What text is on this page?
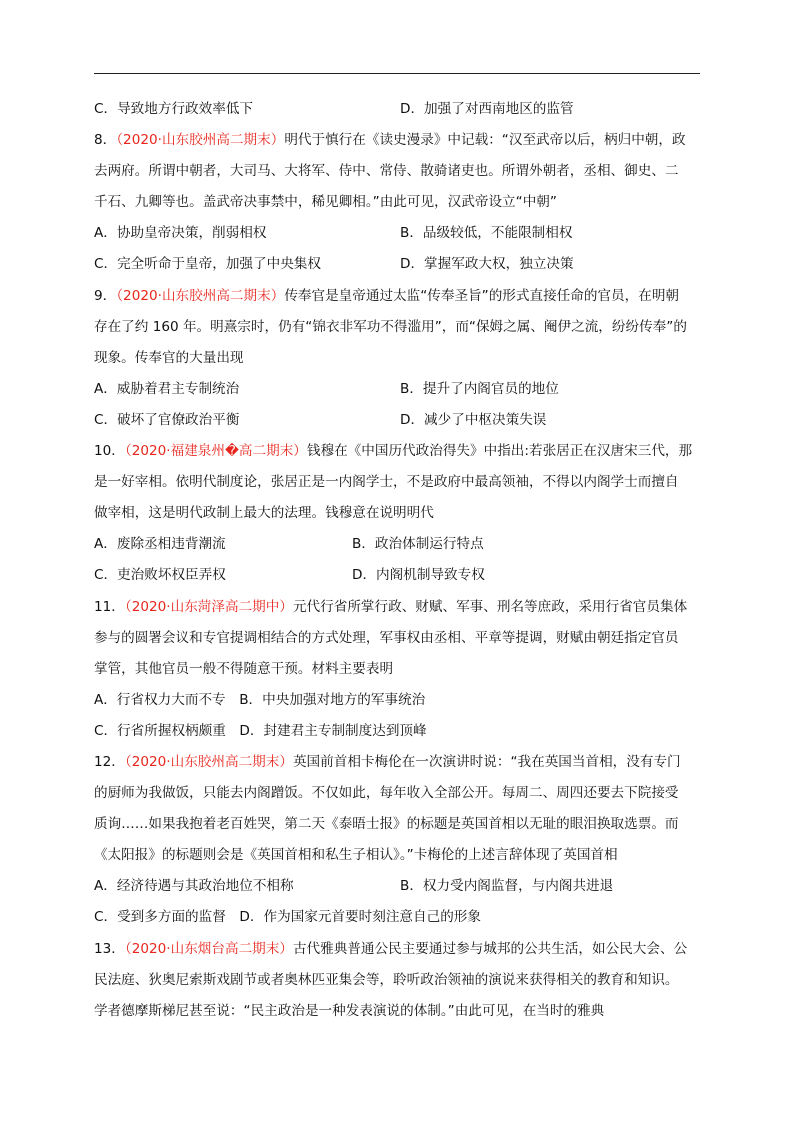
C．导致地方行政效率低下	D．加强了对西南地区的监管
8．（2020·山东胶州高二期末）明代于慎行在《读史漫录》中记载：“汉至武帝以后，柄归中朝，政
去两府。所谓中朝者，大司马、大将军、侍中、常侍、散骑诸吏也。所谓外朝者，丞相、御史、二
千石、九卿等也。盖武帝决事禁中，稀见卿相。”由此可见，汉武帝设立“中朝”
A．协助皇帝决策，削弱相权	B．品级较低，不能限制相权
C．完全听命于皇帝，加强了中央集权	D．掌握军政大权，独立决策
9．（2020·山东胶州高二期末）传奉官是皇帝通过太监“传奉圣旨”的形式直接任命的官员，在明朝
存在了约 160 年。明熹宗时，仍有“锦衣非军功不得滥用”，而“保姆之属、阉伊之流，纷纷传奉”的
现象。传奉官的大量出现
A．威胁着君主专制统治	B．提升了内阁官员的地位
C．破坏了官僚政治平衡	D．减少了中枢决策失误
10．（2020·福建泉州�高二期末）钱穆在《中国历代政治得失》中指出:若张居正在汉唐宋三代，那
是一好宰相。依明代制度论，张居正是一内阁学士，不是政府中最高领袖，不得以内阁学士而擅自
做宰相，这是明代政制上最大的法理。钱穆意在说明明代
A．废除丞相违背潮流	B．政治体制运行特点
C．吏治败坏权臣弄权	D．内阁机制导致专权
11．（2020·山东菏泽高二期中）元代行省所掌行政、财赋、军事、刑名等庶政，采用行省官员集体
参与的圆署会议和专官提调相结合的方式处理，军事权由丞相、平章等提调，财赋由朝廷指定官员
掌管，其他官员一般不得随意干预。材料主要表明
A．行省权力大而不专　B．中央加强对地方的军事统治
C．行省所握权柄颇重　D．封建君主专制制度达到顶峰
12．（2020·山东胶州高二期末）英国前首相卡梅伦在一次演讲时说：“我在英国当首相，没有专门
的厨师为我做饭，只能去内阁蹭饭。不仅如此，每年收入全部公开。每周二、周四还要去下院接受
质询……如果我抱着老百姓哭，第二天《泰晤士报》的标题是英国首相以无耻的眼泪换取选票。而
《太阳报》的标题则会是《英国首相和私生子相认》。”卡梅伦的上述言辞体现了英国首相
A．经济待遇与其政治地位不相称	B．权力受内阁监督，与内阁共进退
C．受到多方面的监督　D．作为国家元首要时刻注意自己的形象
13．（2020·山东烟台高二期末）古代雅典普通公民主要通过参与城邦的公共生活，如公民大会、公
民法庭、狄奥尼索斯戏剧节或者奥林匹亚集会等，聆听政治领袖的演说来获得相关的教育和知识。
学者德摩斯梯尼甚至说：“民主政治是一种发表演说的体制。”由此可见，在当时的雅典
